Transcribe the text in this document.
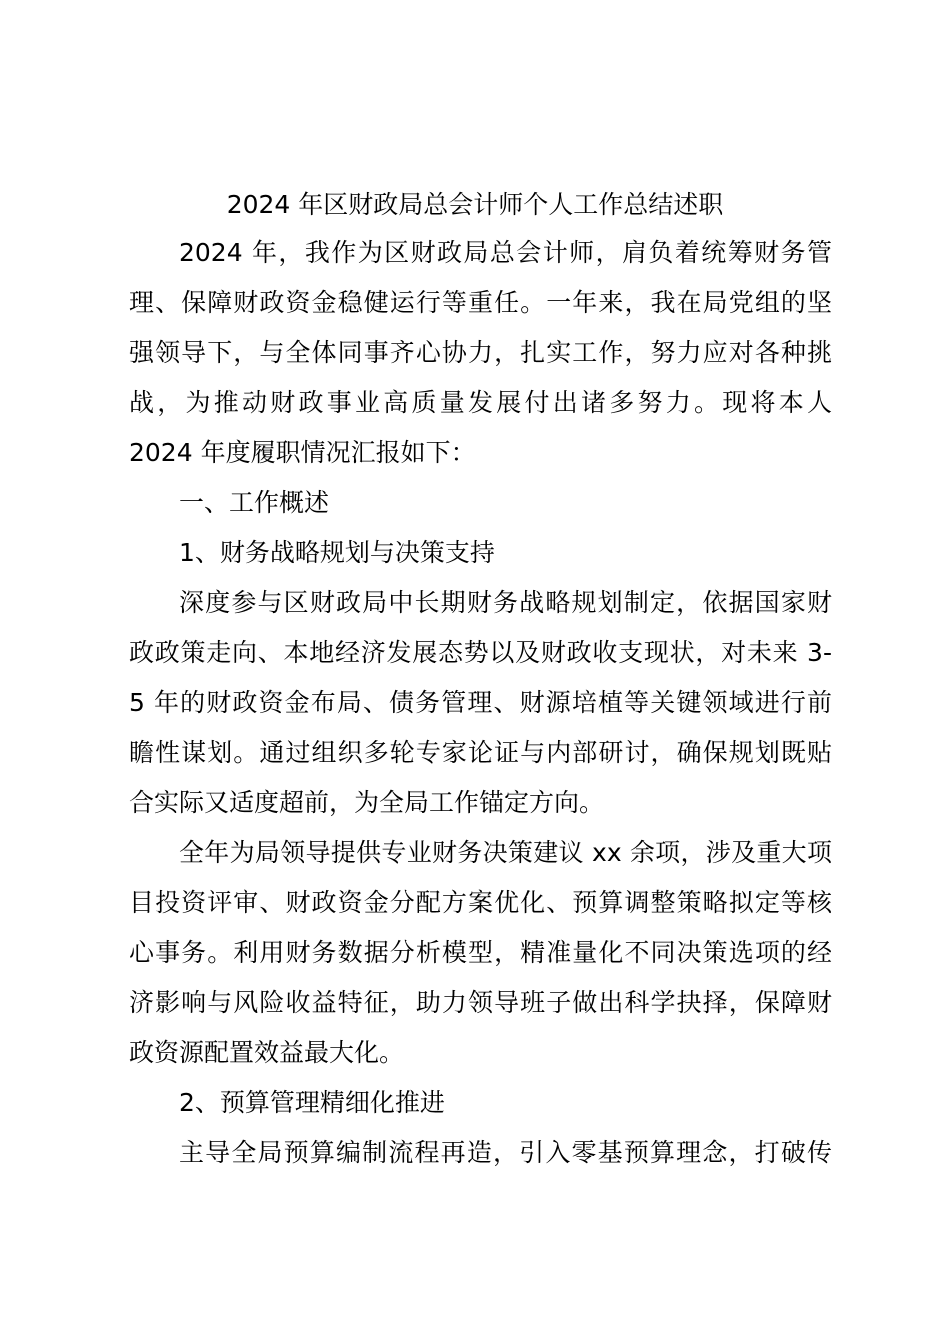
2024 年区财政局总会计师个人工作总结述职
2024 年，我作为区财政局总会计师，肩负着统筹财务管
理、保障财政资金稳健运行等重任。一年来，我在局党组的坚
强领导下，与全体同事齐心协力，扎实工作，努力应对各种挑
战，为推动财政事业高质量发展付出诸多努力。现将本人
2024 年度履职情况汇报如下：
一、工作概述
1、财务战略规划与决策支持
深度参与区财政局中长期财务战略规划制定，依据国家财
政政策走向、本地经济发展态势以及财政收支现状，对未来 3-
5 年的财政资金布局、债务管理、财源培植等关键领域进行前
瞻性谋划。通过组织多轮专家论证与内部研讨，确保规划既贴
合实际又适度超前，为全局工作锚定方向。
全年为局领导提供专业财务决策建议 xx 余项，涉及重大项
目投资评审、财政资金分配方案优化、预算调整策略拟定等核
心事务。利用财务数据分析模型，精准量化不同决策选项的经
济影响与风险收益特征，助力领导班子做出科学抉择，保障财
政资源配置效益最大化。
2、预算管理精细化推进
主导全局预算编制流程再造，引入零基预算理念，打破传
